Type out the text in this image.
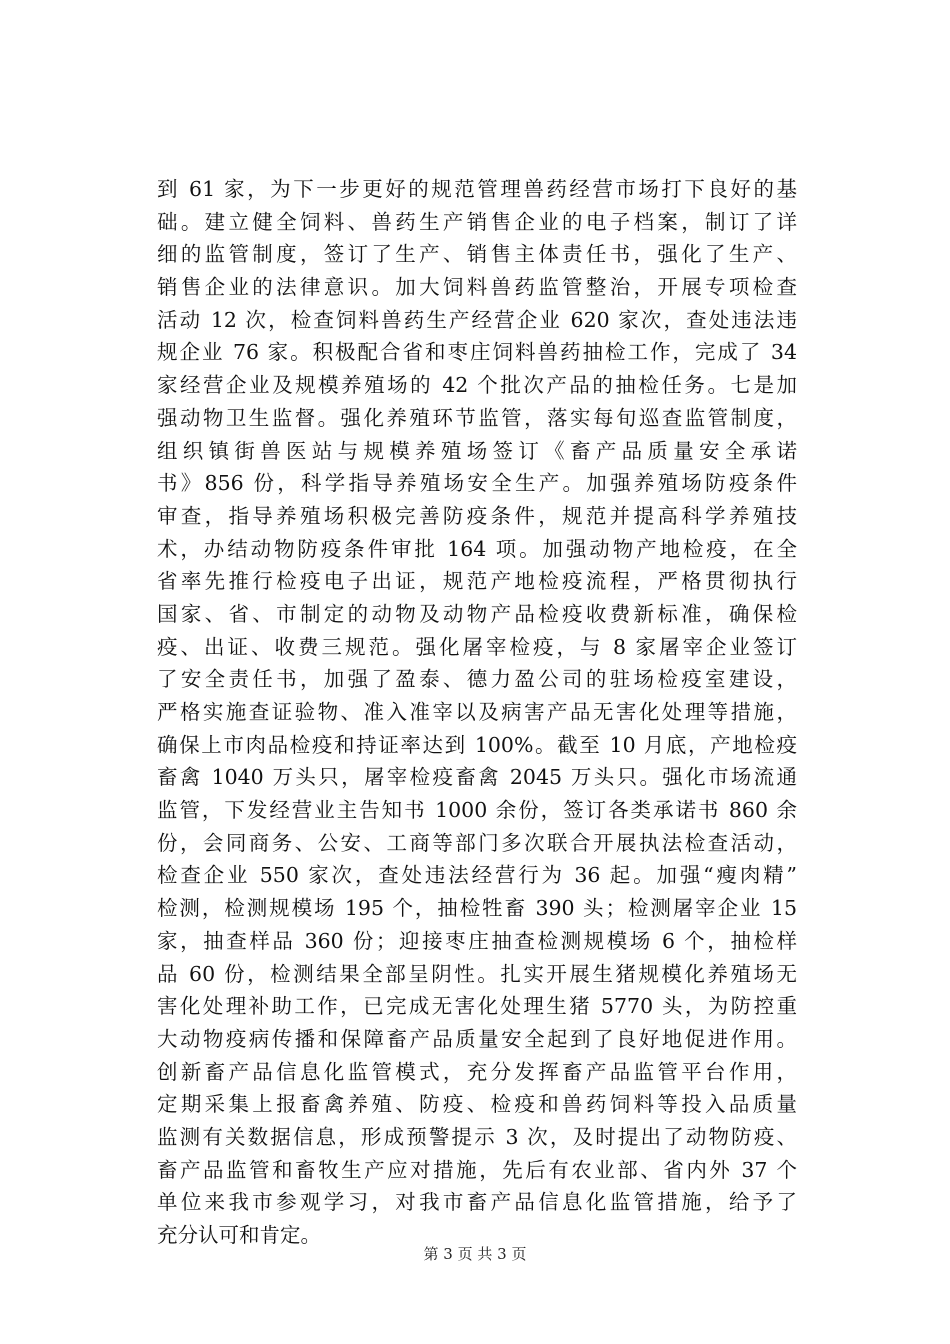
到 61 家，为下一步更好的规范管理兽药经营市场打下良好的基
础。建立健全饲料、兽药生产销售企业的电子档案，制订了详
细的监管制度，签订了生产、销售主体责任书，强化了生产、
销售企业的法律意识。加大饲料兽药监管整治，开展专项检查
活动 12 次，检查饲料兽药生产经营企业 620 家次，查处违法违
规企业 76 家。积极配合省和枣庄饲料兽药抽检工作，完成了 34
家经营企业及规模养殖场的 42 个批次产品的抽检任务。七是加
强动物卫生监督。强化养殖环节监管，落实每旬巡查监管制度，
组织镇街兽医站与规模养殖场签订《畜产品质量安全承诺
书》856 份，科学指导养殖场安全生产。加强养殖场防疫条件
审查，指导养殖场积极完善防疫条件，规范并提高科学养殖技
术，办结动物防疫条件审批 164 项。加强动物产地检疫，在全
省率先推行检疫电子出证，规范产地检疫流程，严格贯彻执行
国家、省、市制定的动物及动物产品检疫收费新标准，确保检
疫、出证、收费三规范。强化屠宰检疫，与 8 家屠宰企业签订
了安全责任书，加强了盈泰、德力盈公司的驻场检疫室建设，
严格实施查证验物、准入准宰以及病害产品无害化处理等措施，
确保上市肉品检疫和持证率达到 100%。截至 10 月底，产地检疫
畜禽 1040 万头只，屠宰检疫畜禽 2045 万头只。强化市场流通
监管，下发经营业主告知书 1000 余份，签订各类承诺书 860 余
份，会同商务、公安、工商等部门多次联合开展执法检查活动，
检查企业 550 家次，查处违法经营行为 36 起。加强“瘦肉精”
检测，检测规模场 195 个，抽检牲畜 390 头；检测屠宰企业 15
家，抽查样品 360 份；迎接枣庄抽查检测规模场 6 个，抽检样
品 60 份，检测结果全部呈阴性。扎实开展生猪规模化养殖场无
害化处理补助工作，已完成无害化处理生猪 5770 头，为防控重
大动物疫病传播和保障畜产品质量安全起到了良好地促进作用。
创新畜产品信息化监管模式，充分发挥畜产品监管平台作用，
定期采集上报畜禽养殖、防疫、检疫和兽药饲料等投入品质量
监测有关数据信息，形成预警提示 3 次，及时提出了动物防疫、
畜产品监管和畜牧生产应对措施，先后有农业部、省内外 37 个
单位来我市参观学习，对我市畜产品信息化监管措施，给予了
充分认可和肯定。
第 3 页 共 3 页
